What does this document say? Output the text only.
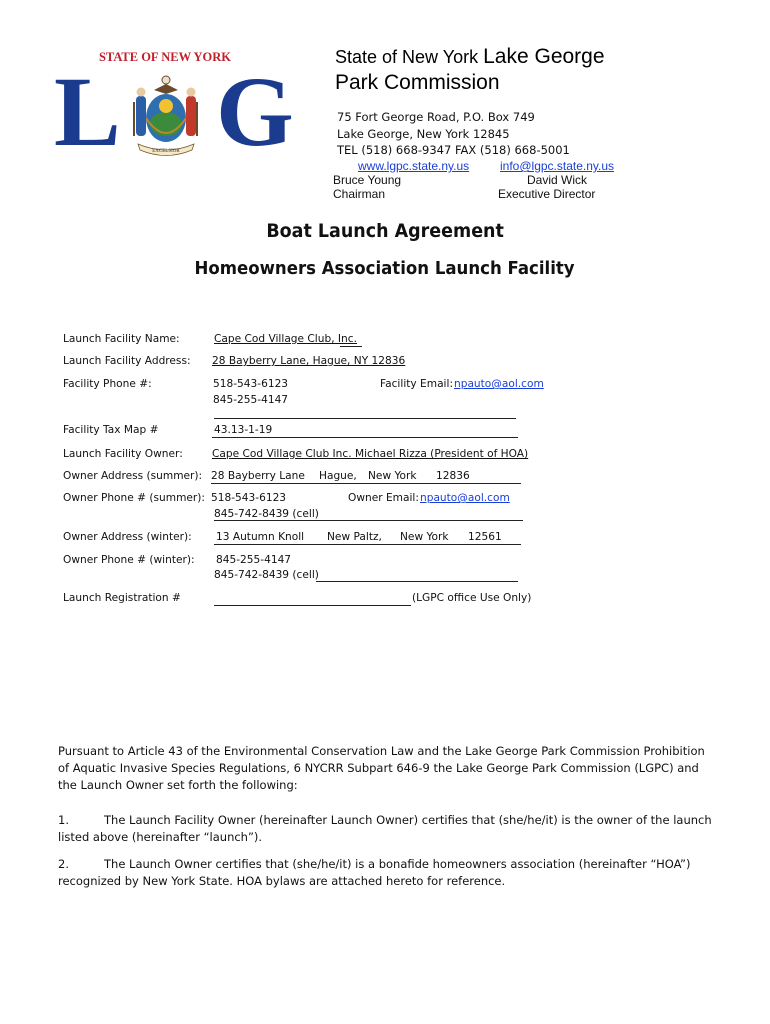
STATE OF NEW YORK
L	EXCELSIOR G State of New York Lake George
Park Commission
75 Fort George Road, P.O. Box 749
Lake George, New York 12845
TEL (518) 668-9347 FAX (518) 668-5001
www.lgpc.state.ny.us	info@lgpc.state.ny.us
Bruce Young
Chairman
David Wick
Executive Director
Boat Launch Agreement
Homeowners Association Launch Facility
Launch Facility Name:	Cape Cod Village Club, Inc.
Launch Facility Address: 28 Bayberry Lane, Hague, NY 12836
Facility Phone #:	518-543-6123	Facility Email: npauto@aol.com
845-255-4147
Facility Tax Map #	43.13-1-19
Launch Facility Owner:	Cape Cod Village Club Inc. Michael Rizza (President of HOA)
Owner Address (summer): 28 Bayberry Lane Hague, New York 12836
Owner Phone # (summer): 518-543-6123	Owner Email: npauto@aol.com
845-742-8439 (cell)
Owner Address (winter): 13 Autumn Knoll New Paltz, New York 12561
Owner Phone # (winter): 845-255-4147
845-742-8439 (cell)
Launch Registration #	(LGPC office Use Only)
Pursuant to Article 43 of the Environmental Conservation Law and the Lake George Park Commission Prohibition of Aquatic Invasive Species Regulations, 6 NYCRR Subpart 646-9 the Lake George Park Commission (LGPC) and the Launch Owner set forth the following:
1.	The Launch Facility Owner (hereinafter Launch Owner) certifies that (she/he/it) is the owner of the launch listed above (hereinafter “launch”).
2.	The Launch Owner certifies that (she/he/it) is a bonafide homeowners association (hereinafter “HOA”) recognized by New York State. HOA bylaws are attached hereto for reference.
